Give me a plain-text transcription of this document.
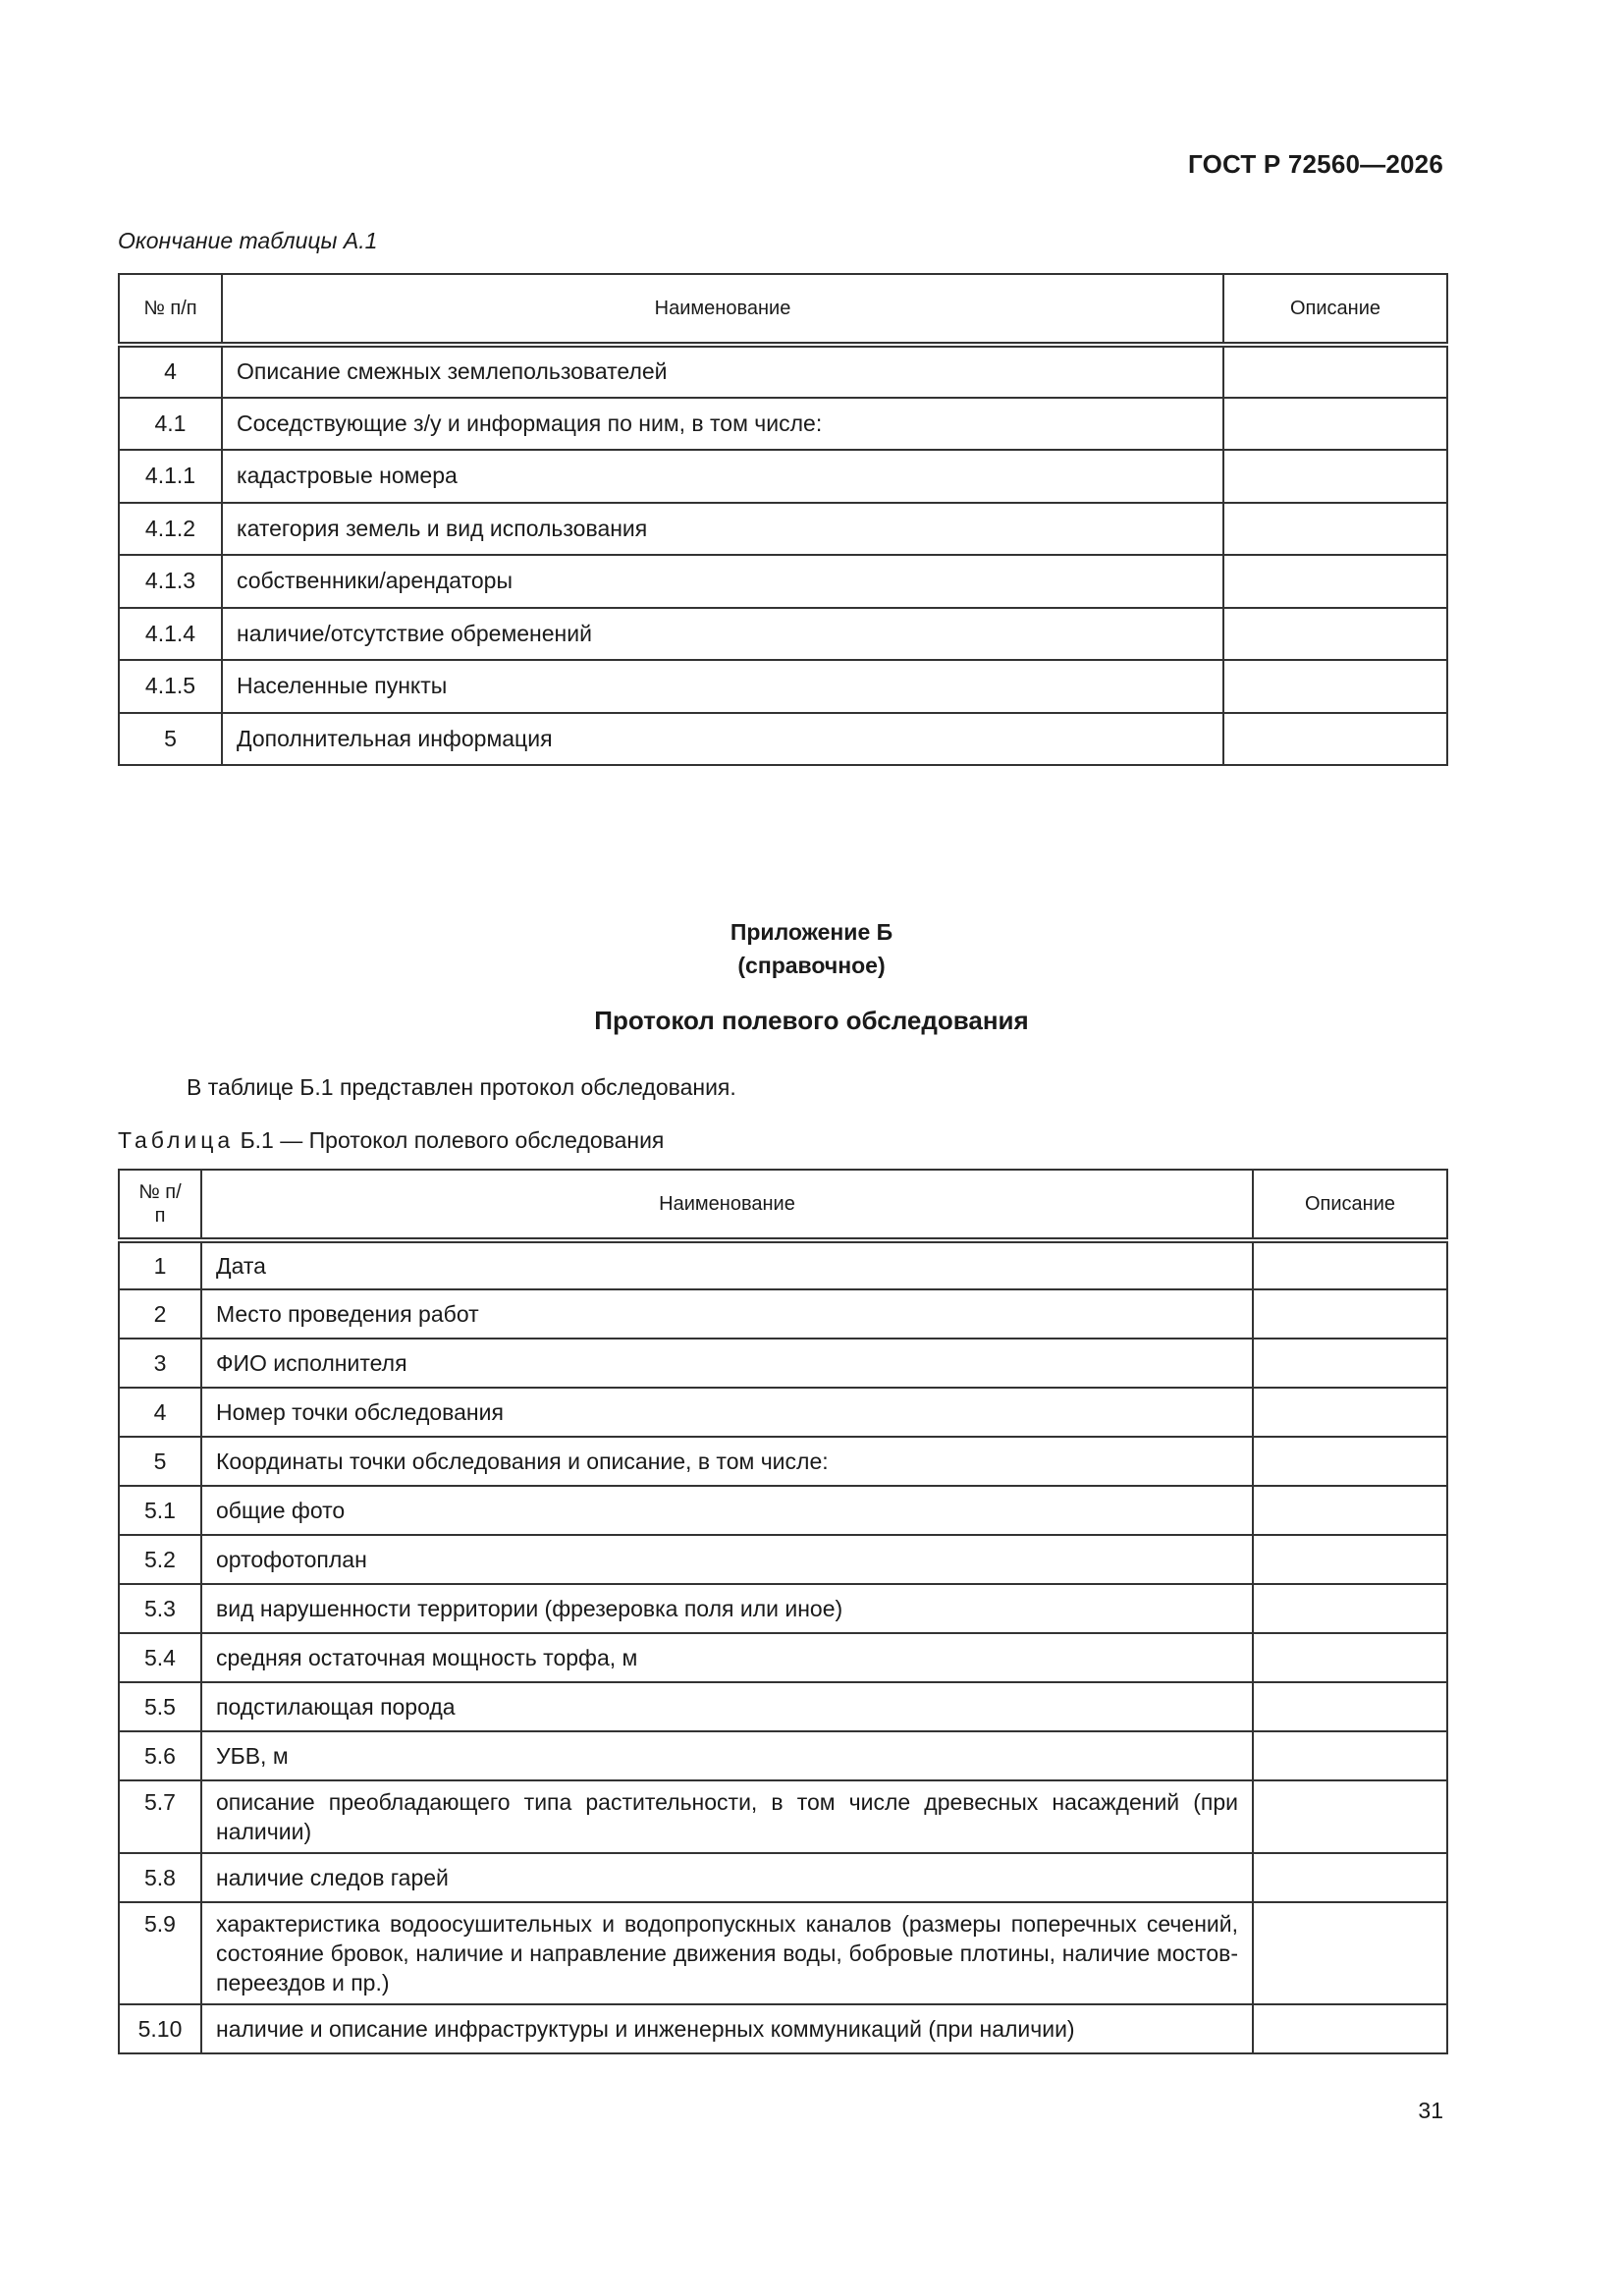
ГОСТ Р 72560—2026
Окончание таблицы А.1
№ п/п	Наименование	Описание
4	Описание смежных землепользователей	
4.1	Соседствующие з/у и информация по ним, в том числе:	
4.1.1	кадастровые номера	
4.1.2	категория земель и вид использования	
4.1.3	собственники/арендаторы	
4.1.4	наличие/отсутствие обременений	
4.1.5	Населенные пункты	
5	Дополнительная информация	
Приложение Б
(справочное)
Протокол полевого обследования
В таблице Б.1 представлен протокол обследования.
Таблица Б.1 — Протокол полевого обследования
№ п/п	Наименование	Описание
1	Дата	
2	Место проведения работ	
3	ФИО исполнителя	
4	Номер точки обследования	
5	Координаты точки обследования и описание, в том числе:	
5.1	общие фото	
5.2	ортофотоплан	
5.3	вид нарушенности территории (фрезеровка поля или иное)	
5.4	средняя остаточная мощность торфа, м	
5.5	подстилающая порода	
5.6	УБВ, м	
5.7	описание преобладающего типа растительности, в том числе древесных насаждений (при наличии)	
5.8	наличие следов гарей	
5.9	характеристика водоосушительных и водопропускных каналов (размеры поперечных сечений, состояние бровок, наличие и направление движения воды, бобровые плотины, наличие мостов-переездов и пр.)	
5.10	наличие и описание инфраструктуры и инженерных коммуникаций (при наличии)	
31
